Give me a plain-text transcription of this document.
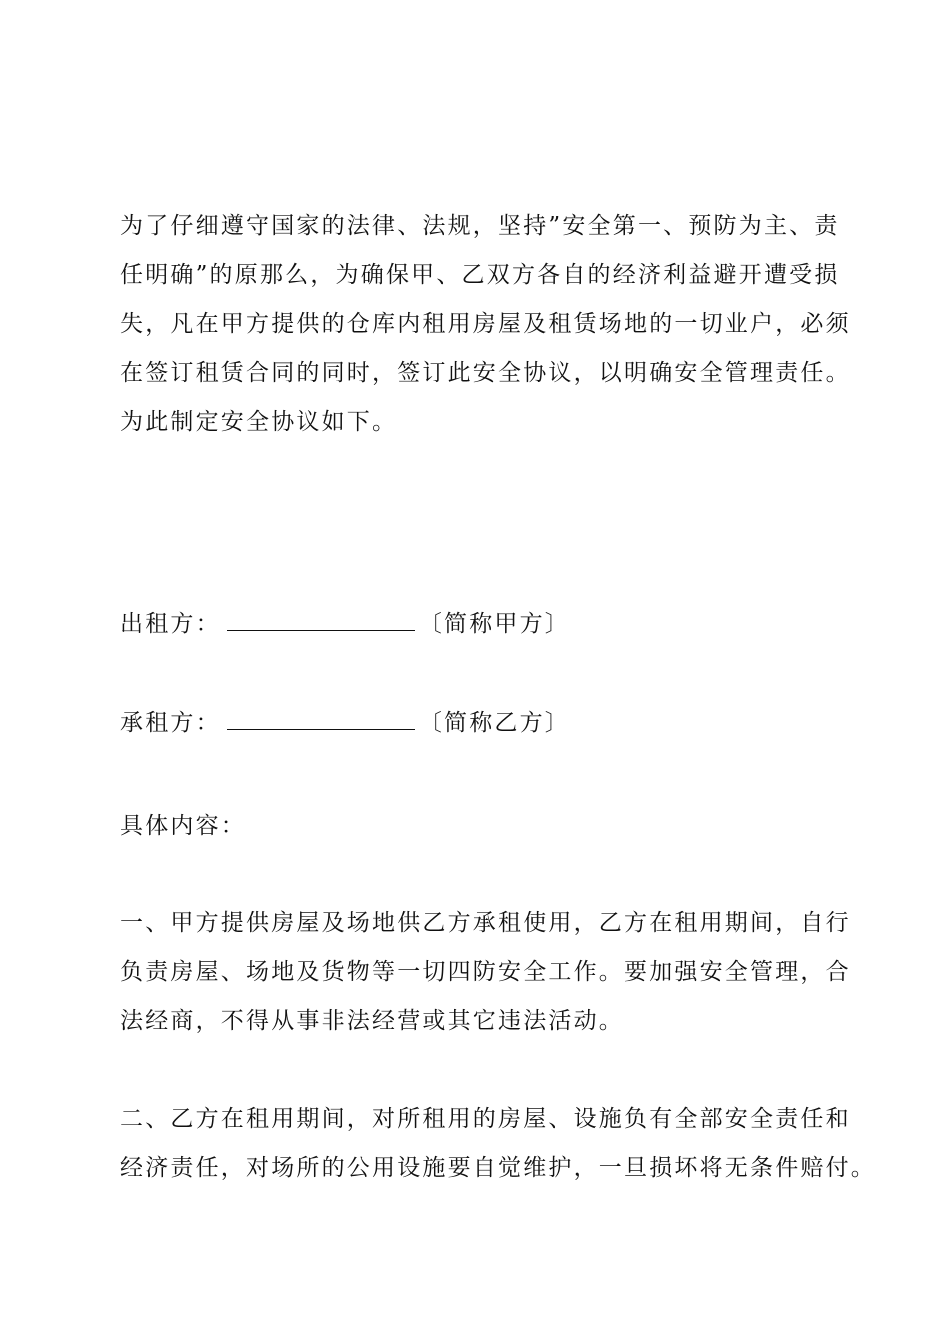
为了仔细遵守国家的法律、法规，坚持”安全第一、预防为主、责
任明确”的原那么，为确保甲、乙双方各自的经济利益避开遭受损
失，凡在甲方提供的仓库内租用房屋及租赁场地的一切业户，必须
在签订租赁合同的同时，签订此安全协议，以明确安全管理责任。
为此制定安全协议如下。
出租方：	〔简称甲方〕
承租方：	〔简称乙方〕
具体内容：
一、甲方提供房屋及场地供乙方承租使用，乙方在租用期间，自行
负责房屋、场地及货物等一切四防安全工作。要加强安全管理，合
法经商，不得从事非法经营或其它违法活动。
二、乙方在租用期间，对所租用的房屋、设施负有全部安全责任和
经济责任，对场所的公用设施要自觉维护，一旦损坏将无条件赔付。
